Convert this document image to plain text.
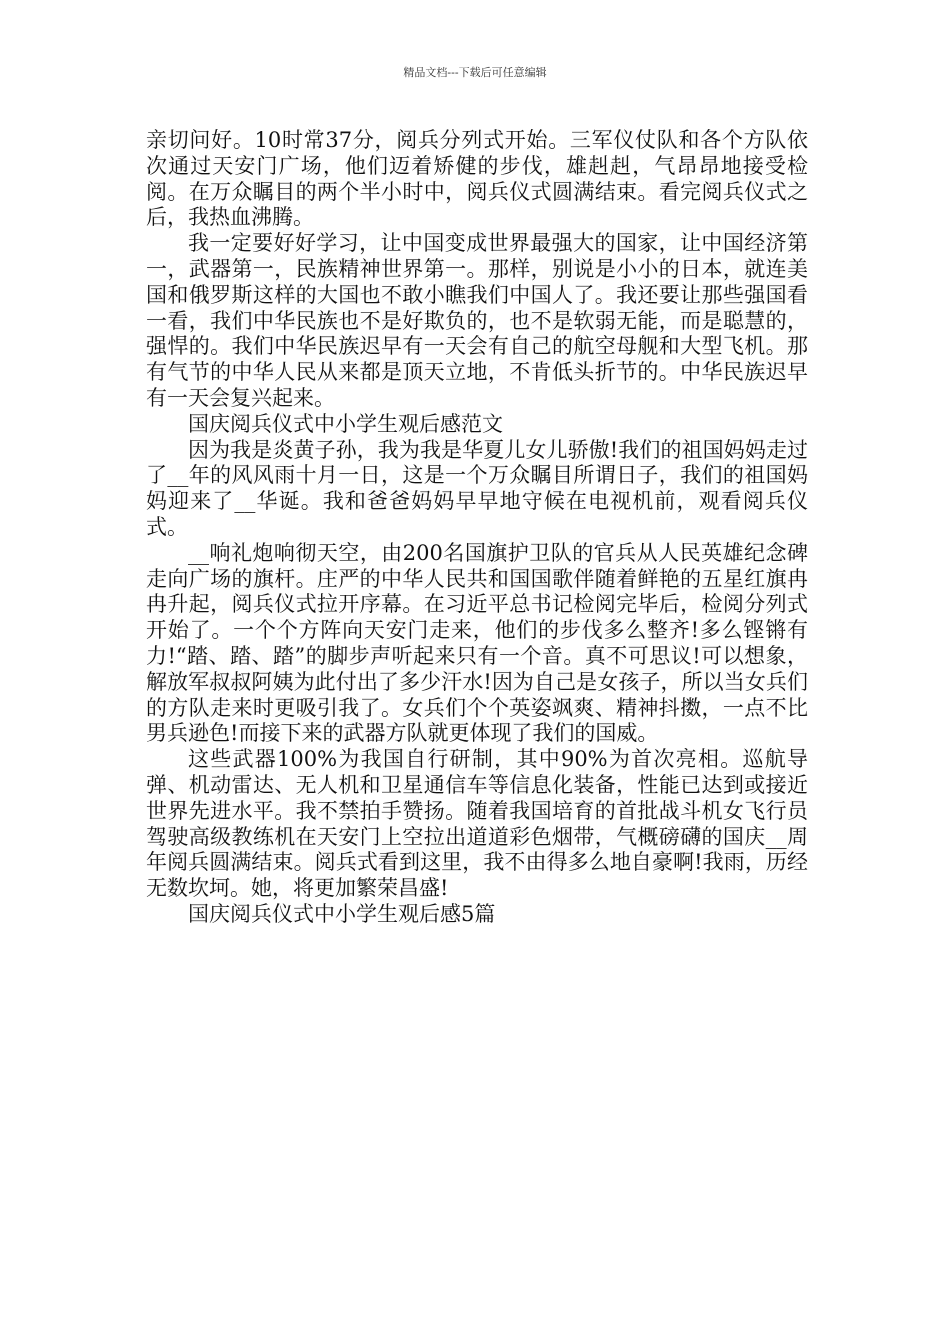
精品文档---下载后可任意编辑

亲切问好。10时常37分，阅兵分列式开始。三军仪仗队和各个方队依次通过天安门广场，他们迈着矫健的步伐，雄赳赳，气昂昂地接受检阅。在万众瞩目的两个半小时中，阅兵仪式圆满结束。看完阅兵仪式之后，我热血沸腾。

我一定要好好学习，让中国变成世界最强大的国家，让中国经济第一，武器第一，民族精神世界第一。那样，别说是小小的日本，就连美国和俄罗斯这样的大国也不敢小瞧我们中国人了。我还要让那些强国看一看，我们中华民族也不是好欺负的，也不是软弱无能，而是聪慧的，强悍的。我们中华民族迟早有一天会有自己的航空母舰和大型飞机。那有气节的中华人民从来都是顶天立地，不肯低头折节的。中华民族迟早有一天会复兴起来。

国庆阅兵仪式中小学生观后感范文

因为我是炎黄子孙，我为我是华夏儿女儿骄傲!我们的祖国妈妈走过了__年的风风雨十月一日，这是一个万众瞩目所谓日子，我们的祖国妈妈迎来了__华诞。我和爸爸妈妈早早地守候在电视机前，观看阅兵仪式。

__响礼炮响彻天空，由200名国旗护卫队的官兵从人民英雄纪念碑走向广场的旗杆。庄严的中华人民共和国国歌伴随着鲜艳的五星红旗冉冉升起，阅兵仪式拉开序幕。在习近平总书记检阅完毕后，检阅分列式开始了。一个个方阵向天安门走来，他们的步伐多么整齐!多么铿锵有力!“踏、踏、踏”的脚步声听起来只有一个音。真不可思议!可以想象，解放军叔叔阿姨为此付出了多少汗水!因为自己是女孩子，所以当女兵们的方队走来时更吸引我了。女兵们个个英姿飒爽、精神抖擞，一点不比男兵逊色!而接下来的武器方队就更体现了我们的国威。

这些武器100%为我国自行研制，其中90%为首次亮相。巡航导弹、机动雷达、无人机和卫星通信车等信息化装备，性能已达到或接近世界先进水平。我不禁拍手赞扬。随着我国培育的首批战斗机女飞行员驾驶高级教练机在天安门上空拉出道道彩色烟带，气概磅礴的国庆__周年阅兵圆满结束。阅兵式看到这里，我不由得多么地自豪啊!我雨，历经无数坎坷。她，将更加繁荣昌盛!

国庆阅兵仪式中小学生观后感5篇
